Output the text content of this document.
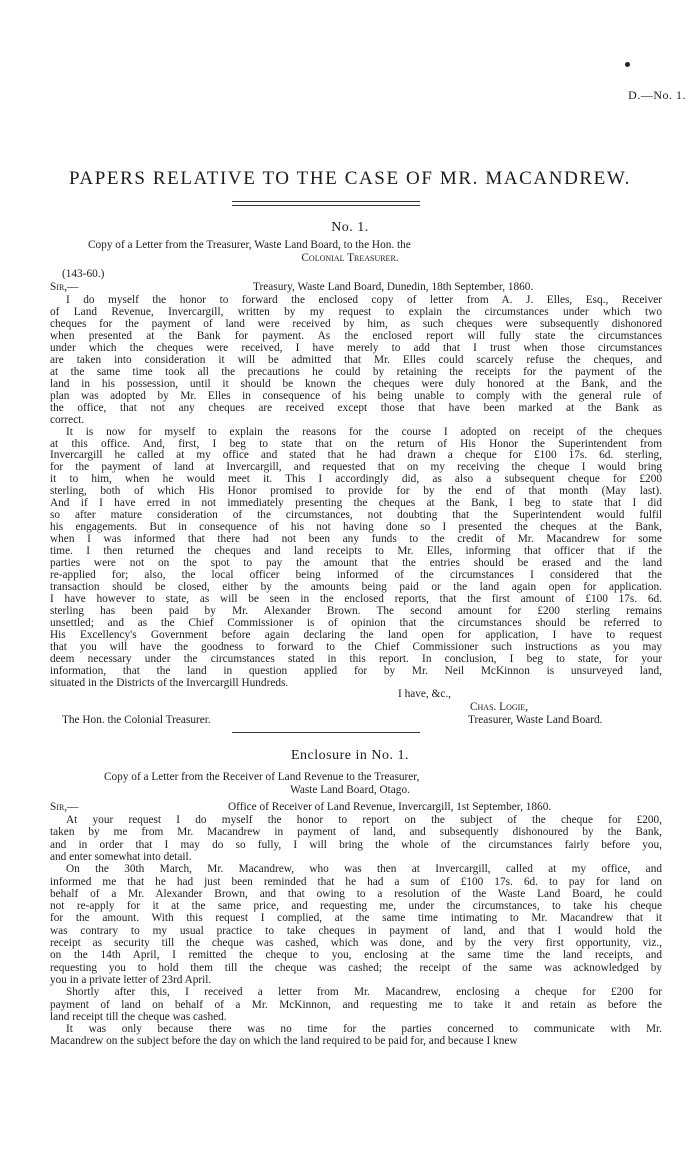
D.—No. 1.
PAPERS RELATIVE TO THE CASE OF MR. MACANDREW.
No. 1.
Copy of a Letter from the Treasurer, Waste Land Board, to the Hon. the
Colonial Treasurer.
(143-60.)
Sir,—	Treasury, Waste Land Board, Dunedin, 18th September, 1860.
I do myself the honor to forward the enclosed copy of letter from A. J. Elles, Esq., Receiver
of Land Revenue, Invercargill, written by my request to explain the circumstances under which two
cheques for the payment of land were received by him, as such cheques were subsequently dishonored
when presented at the Bank for payment. As the enclosed report will fully state the circumstances
under which the cheques were received, I have merely to add that I trust when those circumstances
are taken into consideration it will be admitted that Mr. Elles could scarcely refuse the cheques, and
at the same time took all the precautions he could by retaining the receipts for the payment of the
land in his possession, until it should be known the cheques were duly honored at the Bank, and the
plan was adopted by Mr. Elles in consequence of his being unable to comply with the general rule of
the office, that not any cheques are received except those that have been marked at the Bank as
correct.
It is now for myself to explain the reasons for the course I adopted on receipt of the cheques
at this office. And, first, I beg to state that on the return of His Honor the Superintendent from
Invercargill he called at my office and stated that he had drawn a cheque for £100 17s. 6d. sterling,
for the payment of land at Invercargill, and requested that on my receiving the cheque I would bring
it to him, when he would meet it. This I accordingly did, as also a subsequent cheque for £200
sterling, both of which His Honor promised to provide for by the end of that month (May last).
And if I have erred in not immediately presenting the cheques at the Bank, I beg to state that I did
so after mature consideration of the circumstances, not doubting that the Superintendent would fulfil
his engagements. But in consequence of his not having done so I presented the cheques at the Bank,
when I was informed that there had not been any funds to the credit of Mr. Macandrew for some
time. I then returned the cheques and land receipts to Mr. Elles, informing that officer that if the
parties were not on the spot to pay the amount that the entries should be erased and the land
re-applied for; also, the local officer being informed of the circumstances I considered that the
transaction should be closed, either by the amounts being paid or the land again open for application.
I have however to state, as will be seen in the enclosed reports, that the first amount of £100 17s. 6d.
sterling has been paid by Mr. Alexander Brown. The second amount for £200 sterling remains
unsettled; and as the Chief Commissioner is of opinion that the circumstances should be referred to
His Excellency's Government before again declaring the land open for application, I have to request
that you will have the goodness to forward to the Chief Commissioner such instructions as you may
deem necessary under the circumstances stated in this report. In conclusion, I beg to state, for your
information, that the land in question applied for by Mr. Neil McKinnon is unsurveyed land,
situated in the Districts of the Invercargill Hundreds.
I have, &c.,
Chas. Logie,
The Hon. the Colonial Treasurer.	Treasurer, Waste Land Board.
Enclosure in No. 1.
Copy of a Letter from the Receiver of Land Revenue to the Treasurer,
Waste Land Board, Otago.
Sir,—	Office of Receiver of Land Revenue, Invercargill, 1st September, 1860.
At your request I do myself the honor to report on the subject of the cheque for £200,
taken by me from Mr. Macandrew in payment of land, and subsequently dishonoured by the Bank,
and in order that I may do so fully, I will bring the whole of the circumstances fairly before you,
and enter somewhat into detail.
On the 30th March, Mr. Macandrew, who was then at Invercargill, called at my office, and
informed me that he had just been reminded that he had a sum of £100 17s. 6d. to pay for land on
behalf of a Mr. Alexander Brown, and that owing to a resolution of the Waste Land Board, he could
not re-apply for it at the same price, and requesting me, under the circumstances, to take his cheque
for the amount. With this request I complied, at the same time intimating to Mr. Macandrew that it
was contrary to my usual practice to take cheques in payment of land, and that I would hold the
receipt as security till the cheque was cashed, which was done, and by the very first opportunity, viz.,
on the 14th April, I remitted the cheque to you, enclosing at the same time the land receipts, and
requesting you to hold them till the cheque was cashed; the receipt of the same was acknowledged by
you in a private letter of 23rd April.
Shortly after this, I received a letter from Mr. Macandrew, enclosing a cheque for £200 for
payment of land on behalf of a Mr. McKinnon, and requesting me to take it and retain as before the
land receipt till the cheque was cashed.
It was only because there was no time for the parties concerned to communicate with Mr.
Macandrew on the subject before the day on which the land required to be paid for, and because I knew
